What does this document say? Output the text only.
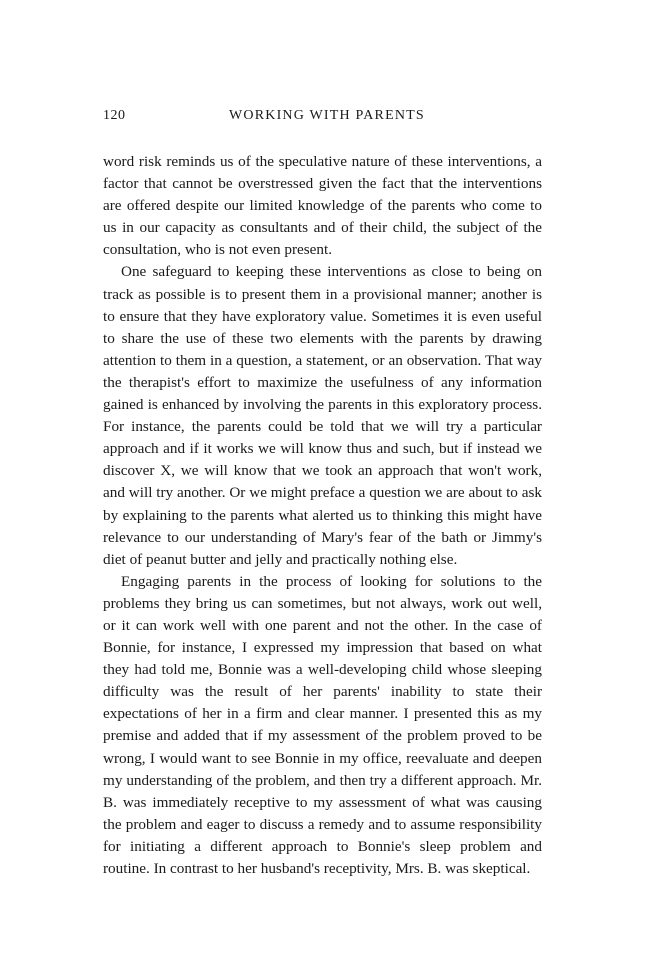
120	WORKING WITH PARENTS

word risk reminds us of the speculative nature of these interventions, a factor that cannot be overstressed given the fact that the interventions are offered despite our limited knowledge of the parents who come to us in our capacity as consultants and of their child, the subject of the consultation, who is not even present.

One safeguard to keeping these interventions as close to being on track as possible is to present them in a provisional manner; another is to ensure that they have exploratory value. Sometimes it is even useful to share the use of these two elements with the parents by drawing attention to them in a question, a statement, or an observation. That way the therapist's effort to maximize the usefulness of any information gained is enhanced by involving the parents in this exploratory process. For instance, the parents could be told that we will try a particular approach and if it works we will know thus and such, but if instead we discover X, we will know that we took an approach that won't work, and will try another. Or we might preface a question we are about to ask by explaining to the parents what alerted us to thinking this might have relevance to our understanding of Mary's fear of the bath or Jimmy's diet of peanut butter and jelly and practically nothing else.

Engaging parents in the process of looking for solutions to the problems they bring us can sometimes, but not always, work out well, or it can work well with one parent and not the other. In the case of Bonnie, for instance, I expressed my impression that based on what they had told me, Bonnie was a well-developing child whose sleeping difficulty was the result of her parents' inability to state their expectations of her in a firm and clear manner. I presented this as my premise and added that if my assessment of the problem proved to be wrong, I would want to see Bonnie in my office, reevaluate and deepen my understanding of the problem, and then try a different approach. Mr. B. was immediately receptive to my assessment of what was causing the problem and eager to discuss a remedy and to assume responsibility for initiating a different approach to Bonnie's sleep problem and routine. In contrast to her husband's receptivity, Mrs. B. was skeptical.
